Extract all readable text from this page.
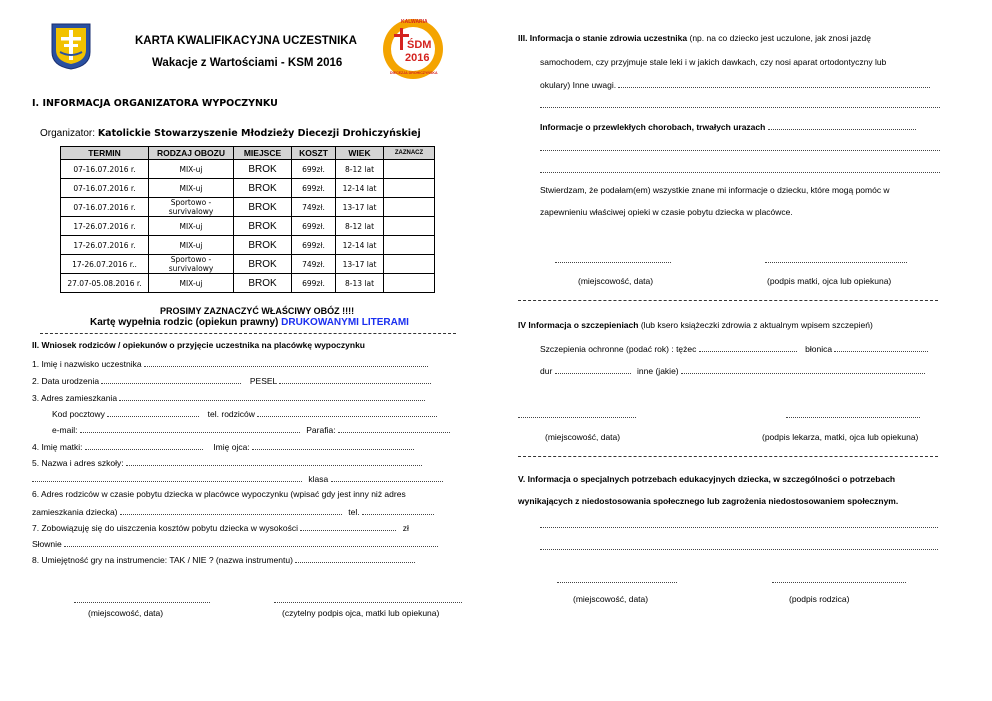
KARTA KWALIFIKACYJNA UCZESTNIKA
Wakacje z Wartościami - KSM 2016
KALWARIA
ŚDM
2016
DIECEZJA DROHICZYŃSKA
I. INFORMACJA ORGANIZATORA WYPOCZYNKU
Organizator: Katolickie Stowarzyszenie Młodzieży Diecezji Drohiczyńskiej
TERMIN	RODZAJ OBOZU	MIEJSCE	KOSZT	WIEK	ZAZNACZ
07-16.07.2016 r.	MIX-uj	BROK	699zł.	8-12 lat	
07-16.07.2016 r.	MIX-uj	BROK	699zł.	12-14 lat	
07-16.07.2016 r.	Sportowo - survivalowy	BROK	749zł.	13-17 lat	
17-26.07.2016 r.	MIX-uj	BROK	699zł.	8-12 lat	
17-26.07.2016 r.	MIX-uj	BROK	699zł.	12-14 lat	
17-26.07.2016 r..	Sportowo - survivalowy	BROK	749zł.	13-17 lat	
27.07-05.08.2016 r.	MIX-uj	BROK	699zł.	8-13 lat	
PROSIMY ZAZNACZYĆ WŁAŚCIWY OBÓZ !!!!
Kartę wypełnia rodzic (opiekun prawny) DRUKOWANYMI LITERAMI
II. Wniosek rodziców / opiekunów o przyjęcie uczestnika na placówkę wypoczynku
1. Imię i nazwisko uczestnika
2. Data urodzenia	PESEL
3. Adres zamieszkania
Kod pocztowy	tel. rodziców
e-mail:	Parafia:
4. Imię matki:	Imię ojca:
5. Nazwa i adres szkoły:
klasa
6. Adres rodziców w czasie pobytu dziecka w placówce wypoczynku (wpisać gdy jest inny niż adres
zamieszkania dziecka)	tel.
7. Zobowiązuję się do uiszczenia kosztów pobytu dziecka w wysokości	zł
Słownie
8. Umiejętność gry na instrumencie: TAK / NIE ? (nazwa instrumentu)
(miejscowość, data)	(czytelny podpis ojca, matki lub opiekuna)
III. Informacja o stanie zdrowia uczestnika (np. na co dziecko jest uczulone, jak znosi jazdę
samochodem, czy przyjmuje stale leki i w jakich dawkach, czy nosi aparat ortodontyczny lub
okulary) Inne uwagi.
Informacje o przewlekłych chorobach, trwałych urazach
Stwierdzam, że podałam(em) wszystkie znane mi informacje o dziecku, które mogą pomóc w
zapewnieniu właściwej opieki w czasie pobytu dziecka w placówce.
(miejscowość, data)	(podpis matki, ojca lub opiekuna)
IV Informacja o szczepieniach (lub ksero książeczki zdrowia z aktualnym wpisem szczepień)
Szczepienia ochronne (podać rok) : tężec	błonica
dur	inne (jakie)
(miejscowość, data)	(podpis lekarza, matki, ojca lub opiekuna)
V. Informacja o specjalnych potrzebach edukacyjnych dziecka, w szczególności o potrzebach
wynikających z niedostosowania społecznego lub zagrożenia niedostosowaniem społecznym.
(miejscowość, data)	(podpis rodzica)
